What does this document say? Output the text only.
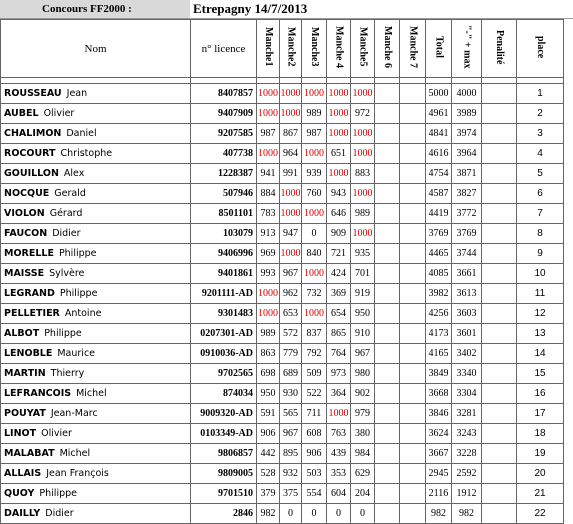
Concours FF2000 :	Etrepagny 14/7/2013
Nom	n° licence	Manche1	Manche2	Manche3	Manche 4	Manche5	Manche 6	Manche 7	Total	"-" + max	Penalité	place

ROUSSEAU Jean	8407857	1000	1000	1000	1000	1000			5000	4000		1
AUBEL Olivier	9407909	1000	1000	989	1000	972			4961	3989		2
CHALIMON Daniel	9207585	987	867	987	1000	1000			4841	3974		3
ROCOURT Christophe	407738	1000	964	1000	651	1000			4616	3964		4
GOUILLON Alex	1228387	941	991	939	1000	883			4754	3871		5
NOCQUE Gerald	507946	884	1000	760	943	1000			4587	3827		6
VIOLON Gérard	8501101	783	1000	1000	646	989			4419	3772		7
FAUCON Didier	103079	913	947	0	909	1000			3769	3769		8
MORELLE Philippe	9406996	969	1000	840	721	935			4465	3744		9
MAISSE Sylvère	9401861	993	967	1000	424	701			4085	3661		10
LEGRAND Philippe	9201111-AD	1000	962	732	369	919			3982	3613		11
PELLETIER Antoine	9301483	1000	653	1000	654	950			4256	3603		12
ALBOT Philippe	0207301-AD	989	572	837	865	910			4173	3601		13
LENOBLE Maurice	0910036-AD	863	779	792	764	967			4165	3402		14
MARTIN Thierry	9702565	698	689	509	973	980			3849	3340		15
LEFRANCOIS Michel	874034	950	930	522	364	902			3668	3304		16
POUYAT Jean-Marc	9009320-AD	591	565	711	1000	979			3846	3281		17
LINOT Olivier	0103349-AD	906	967	608	763	380			3624	3243		18
MALABAT Michel	9806857	442	895	906	439	984			3667	3228		19
ALLAIS Jean François	9809005	528	932	503	353	629			2945	2592		20
QUOY Philippe	9701510	379	375	554	604	204			2116	1912		21
DAILLY Didier	2846	982	0	0	0	0			982	982		22
